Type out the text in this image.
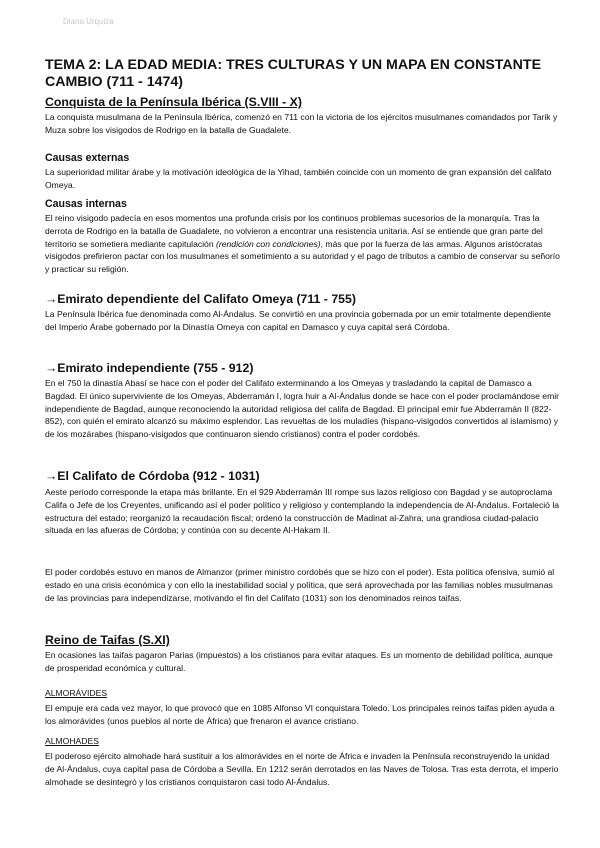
Diana Urquiza
TEMA 2: LA EDAD MEDIA: TRES CULTURAS Y UN MAPA EN CONSTANTE CAMBIO (711 - 1474)
Conquista de la Península Ibérica (S.VIII - X)
La conquista musulmana de la Península Ibérica, comenzó en 711 con la victoria de los ejércitos musulmanes comandados por Tarik y Muza sobre los visigodos de Rodrigo en la batalla de Guadalete.
Causas externas
La superioridad militar árabe y la motivación ideológica de la Yihad, también coincide con un momento de gran expansión del califato Omeya.
Causas internas
El reino visigodo padecía en esos momentos una profunda crisis por los continuos problemas sucesorios de la monarquía. Tras la derrota de Rodrigo en la batalla de Guadalete, no volvieron a encontrar una resistencia unitaria. Así se entiende que gran parte del territorio se sometiera mediante capitulación (rendición con condiciones), más que por la fuerza de las armas. Algunos aristócratas visigodos prefirieron pactar con los musulmanes el sometimiento a su autoridad y el pago de tributos a cambio de conservar su señorío y practicar su religión.
→Emirato dependiente del Califato Omeya (711 - 755)
La Península Ibérica fue denominada como Al-Ándalus. Se convirtió en una provincia gobernada por un emir totalmente dependiente del Imperio Árabe gobernado por la Dinastía Omeya con capital en Damasco y cuya capital será Córdoba.
→Emirato independiente (755 - 912)
En el 750 la dinastía Abasí se hace con el poder del Califato exterminando a los Omeyas y trasladando la capital de Damasco a Bagdad. El único superviviente de los Omeyas, Abderramán I, logra huir a Al-Ándalus donde se hace con el poder proclamándose emir independiente de Bagdad, aunque reconociendo la autoridad religiosa del califa de Bagdad. El principal emir fue Abderramán II (822-852), con quién el emirato alcanzó su máximo esplendor. Las revueltas de los muladíes (hispano-visigodos convertidos al islamismo) y de los mozárabes (hispano-visigodos que continuaron siendo cristianos) contra el poder cordobés.
→El Califato de Córdoba (912 - 1031)
Aeste periodo corresponde la etapa más brillante. En el 929 Abderramán III rompe sus lazos religioso con Bagdad y se autoproclama Califa o Jefe de los Creyentes, unificando así el poder político y religioso y contemplando la independencia de Al-Ándalus. Fortaleció la estructura del estado; reorganizó la recaudación fiscal; ordenó la construcción de Madinat al-Zahra, una grandiosa ciudad-palacio situada en las afueras de Córdoba; y continúa con su decente Al-Hakam II.
El poder cordobés estuvo en manos de Almanzor (primer ministro cordobés que se hizo con el poder). Esta política ofensiva, sumió al estado en una crisis económica y con ello la inestabilidad social y política, que será aprovechada por las familias nobles musulmanas de las provincias para independizarse, motivando el fin del Califato (1031) son los denominados reinos taifas.
Reino de Taifas (S.XI)
En ocasiones las taifas pagaron Parias (impuestos) a los cristianos para evitar ataques. Es un momento de debilidad política, aunque de prosperidad económica y cultural.
ALMORÁVIDES
El empuje era cada vez mayor, lo que provocó que en 1085 Alfonso VI conquistara Toledo. Los principales reinos taifas piden ayuda a los almorávides (unos pueblos al norte de África) que frenaron el avance cristiano.
ALMOHADES
El poderoso ejército almohade hará sustituir a los almorávides en el norte de África e invaden la Península reconstruyendo la unidad de Al-Ándalus, cuya capital pasa de Córdoba a Sevilla. En 1212 serán derrotados en las Naves de Tolosa. Tras esta derrota, el imperio almohade se desintegró y los cristianos conquistaron casi todo Al-Ándalus.
